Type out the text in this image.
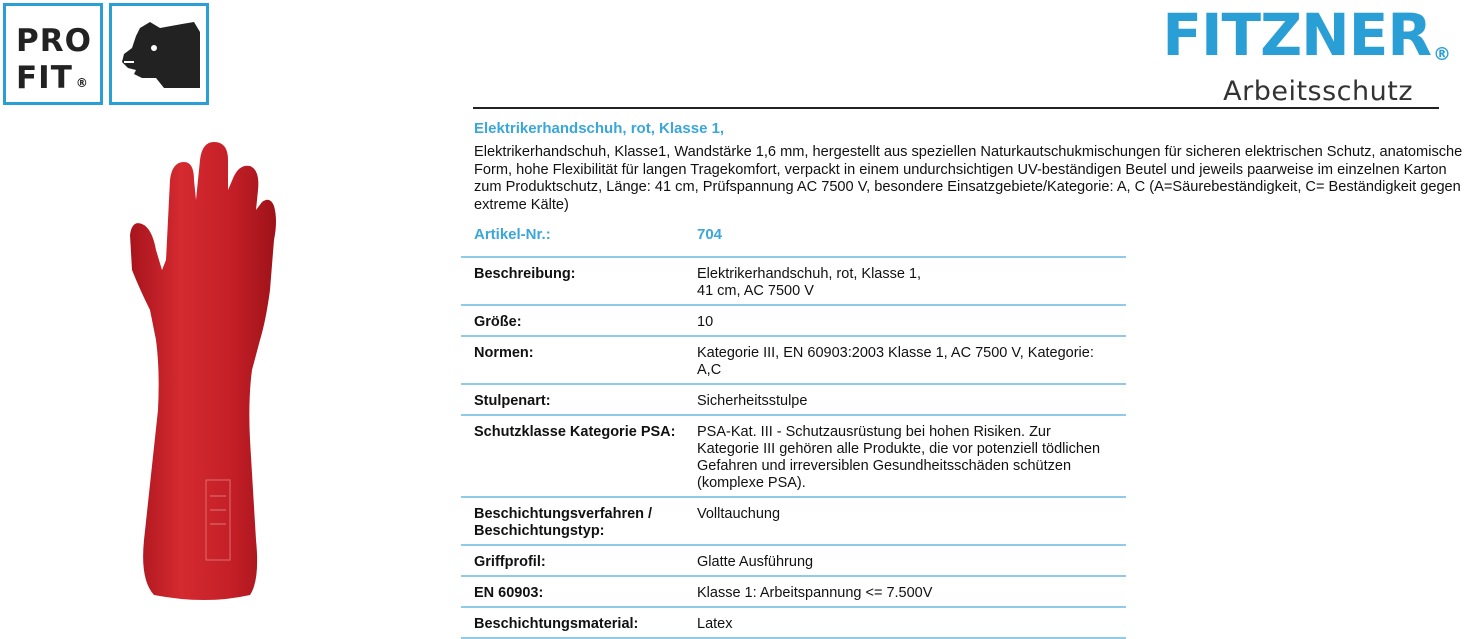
PRO
FIT ®
FITZNER ®
Arbeitsschutz
Elektrikerhandschuh, rot, Klasse 1,
Elektrikerhandschuh, Klasse1, Wandstärke 1,6 mm, hergestellt aus speziellen Naturkautschukmischungen für sicheren elektrischen Schutz, anatomische Form, hohe Flexibilität für langen Tragekomfort, verpackt in einem undurchsichtigen UV-beständigen Beutel und jeweils paarweise im einzelnen Karton zum Produktschutz, Länge: 41 cm, Prüfspannung AC 7500 V, besondere Einsatzgebiete/Kategorie: A, C (A=Säurebeständigkeit, C= Beständigkeit gegen extreme Kälte)
Artikel-Nr.:	704
Beschreibung:	Elektrikerhandschuh, rot, Klasse 1,
41 cm, AC 7500 V
Größe:	10
Normen:	Kategorie III, EN 60903:2003 Klasse 1, AC 7500 V, Kategorie: A,C
Stulpenart:	Sicherheitsstulpe
Schutzklasse Kategorie PSA:	PSA-Kat. III - Schutzausrüstung bei hohen Risiken. Zur Kategorie III gehören alle Produkte, die vor potenziell tödlichen Gefahren und irreversiblen Gesundheitsschäden schützen (komplexe PSA).
Beschichtungsverfahren / Beschichtungstyp:	Volltauchung
Griffprofil:	Glatte Ausführung
EN 60903:	Klasse 1: Arbeitspannung <= 7.500V
Beschichtungsmaterial:	Latex
